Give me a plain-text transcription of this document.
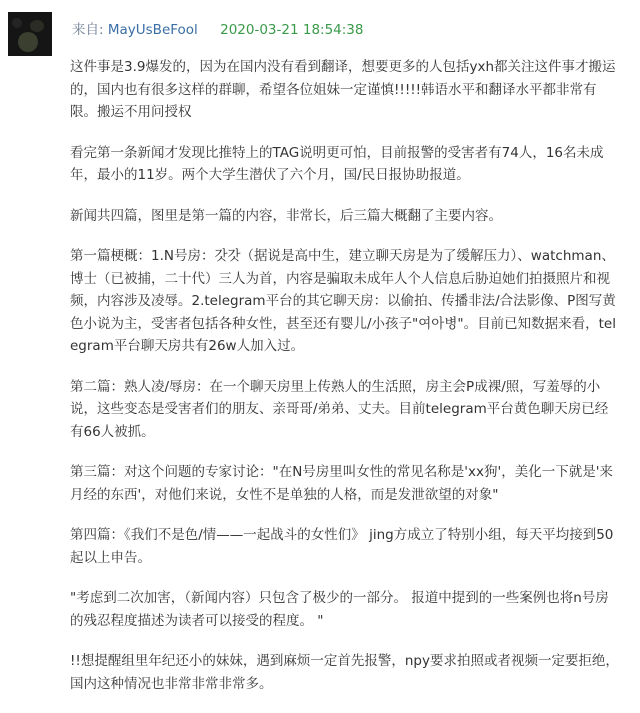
来自: MayUsBeFool 2020-03-21 18:54:38

这件事是3.9爆发的，因为在国内没有看到翻译，想要更多的人包括yxh都关注这件事才搬运的，国内也有很多这样的群聊，希望各位姐妹一定谨慎!!!!!韩语水平和翻译水平都非常有限。搬运不用问授权

看完第一条新闻才发现比推特上的TAG说明更可怕，目前报警的受害者有74人，16名未成年，最小的11岁。两个大学生潜伏了六个月，国/民日报协助报道。

新闻共四篇，图里是第一篇的内容，非常长，后三篇大概翻了主要内容。

第一篇梗概：1.N号房：갓갓（据说是高中生，建立聊天房是为了缓解压力）、watchman、博士（已被捕，二十代）三人为首，内容是骗取未成年人个人信息后胁迫她们拍摄照片和视频，内容涉及凌辱。2.telegram平台的其它聊天房：以偷拍、传播非法/合法影像、P图写黄色小说为主，受害者包括各种女性，甚至还有婴儿/小孩子"여아병"。目前已知数据来看，telegram平台聊天房共有26w人加入过。

第二篇：熟人凌/辱房：在一个聊天房里上传熟人的生活照，房主会P成裸/照，写羞辱的小说，这些变态是受害者们的朋友、亲哥哥/弟弟、丈夫。目前telegram平台黄色聊天房已经有66人被抓。

第三篇：对这个问题的专家讨论："在N号房里叫女性的常见名称是'xx狗'，美化一下就是'来月经的东西'，对他们来说，女性不是单独的人格，而是发泄欲望的对象"

第四篇：《我们不是色/情——一起战斗的女性们》 jing方成立了特别小组，每天平均接到50起以上申告。

"考虑到二次加害，（新闻内容）只包含了极少的一部分。 报道中提到的一些案例也将n号房的残忍程度描述为读者可以接受的程度。 "

!!想提醒组里年纪还小的妹妹，遇到麻烦一定首先报警，npy要求拍照或者视频一定要拒绝，国内这种情况也非常非常非常多。
